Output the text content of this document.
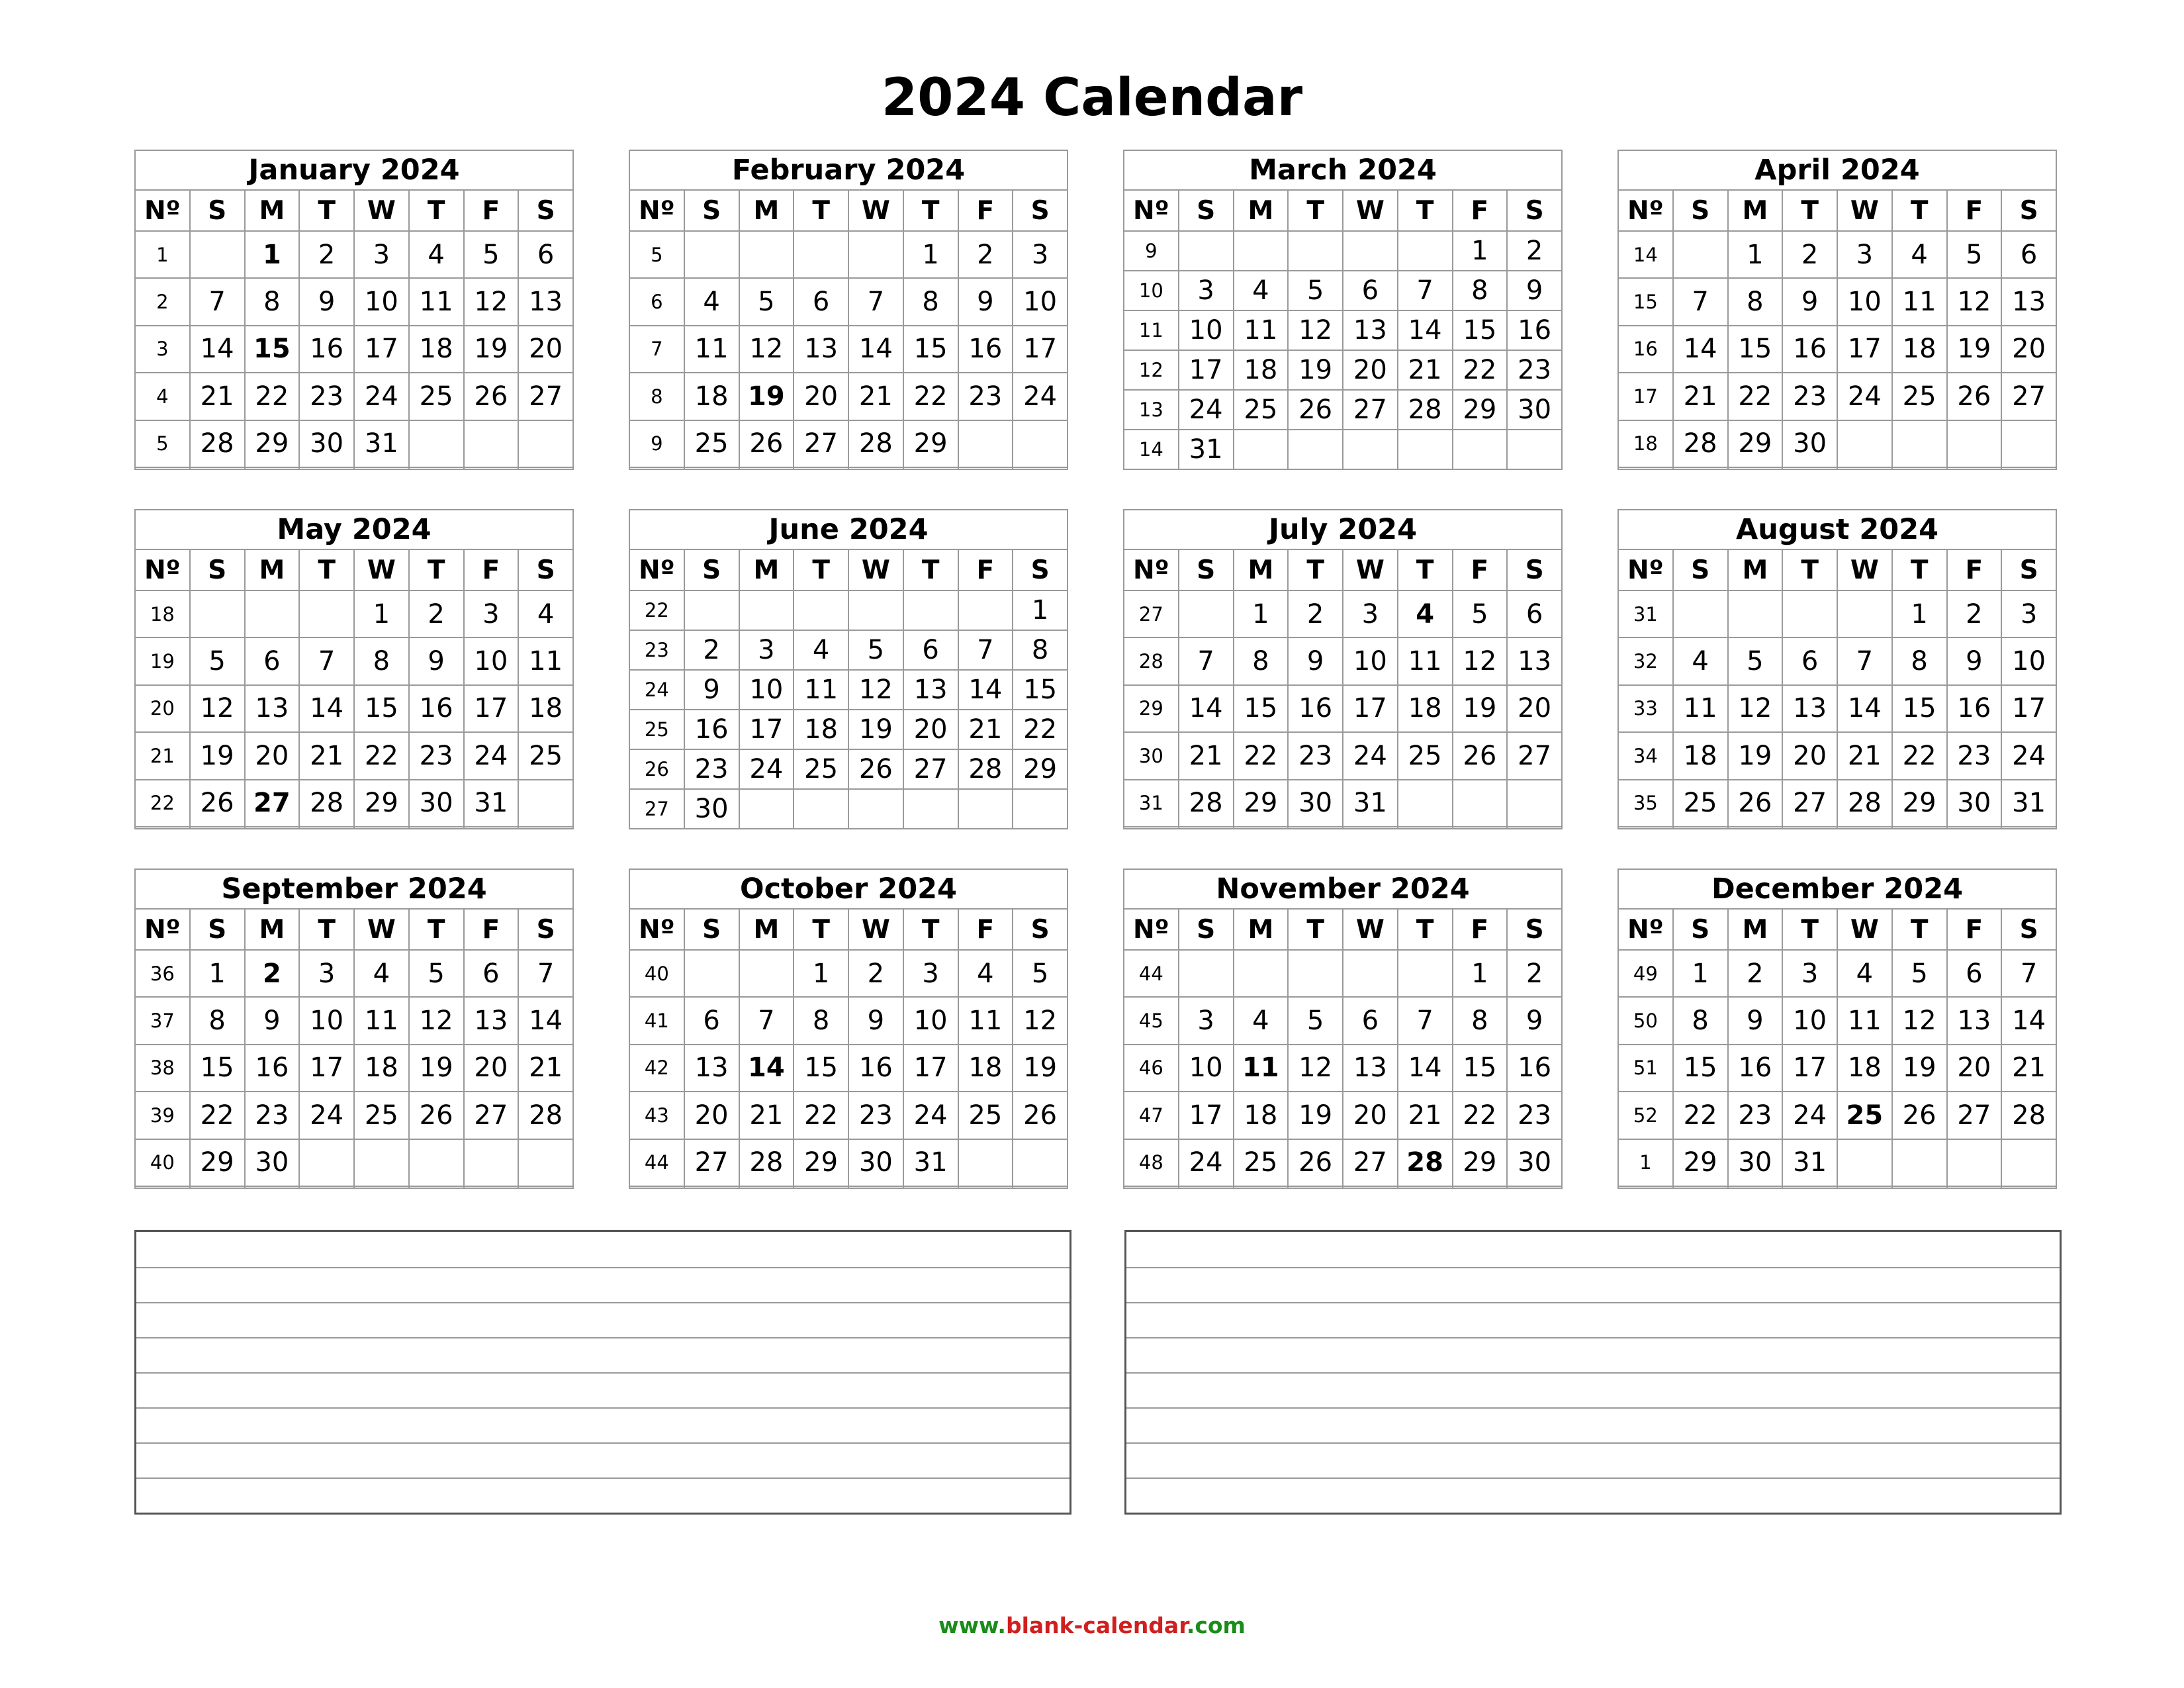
2024 Calendar
January 2024							
Nº	S	M	T	W	T	F	S
1		1	2	3	4	5	6
2	7	8	9	10	11	12	13
3	14	15	16	17	18	19	20
4	21	22	23	24	25	26	27
5	28	29	30	31			

February 2024							
Nº	S	M	T	W	T	F	S
5					1	2	3
6	4	5	6	7	8	9	10
7	11	12	13	14	15	16	17
8	18	19	20	21	22	23	24
9	25	26	27	28	29		

March 2024							
Nº	S	M	T	W	T	F	S
9						1	2
10	3	4	5	6	7	8	9
11	10	11	12	13	14	15	16
12	17	18	19	20	21	22	23
13	24	25	26	27	28	29	30
14	31						
April 2024							
Nº	S	M	T	W	T	F	S
14		1	2	3	4	5	6
15	7	8	9	10	11	12	13
16	14	15	16	17	18	19	20
17	21	22	23	24	25	26	27
18	28	29	30				

May 2024							
Nº	S	M	T	W	T	F	S
18				1	2	3	4
19	5	6	7	8	9	10	11
20	12	13	14	15	16	17	18
21	19	20	21	22	23	24	25
22	26	27	28	29	30	31	

June 2024							
Nº	S	M	T	W	T	F	S
22							1
23	2	3	4	5	6	7	8
24	9	10	11	12	13	14	15
25	16	17	18	19	20	21	22
26	23	24	25	26	27	28	29
27	30						
July 2024							
Nº	S	M	T	W	T	F	S
27		1	2	3	4	5	6
28	7	8	9	10	11	12	13
29	14	15	16	17	18	19	20
30	21	22	23	24	25	26	27
31	28	29	30	31			

August 2024							
Nº	S	M	T	W	T	F	S
31					1	2	3
32	4	5	6	7	8	9	10
33	11	12	13	14	15	16	17
34	18	19	20	21	22	23	24
35	25	26	27	28	29	30	31

September 2024							
Nº	S	M	T	W	T	F	S
36	1	2	3	4	5	6	7
37	8	9	10	11	12	13	14
38	15	16	17	18	19	20	21
39	22	23	24	25	26	27	28
40	29	30					

October 2024							
Nº	S	M	T	W	T	F	S
40			1	2	3	4	5
41	6	7	8	9	10	11	12
42	13	14	15	16	17	18	19
43	20	21	22	23	24	25	26
44	27	28	29	30	31		

November 2024							
Nº	S	M	T	W	T	F	S
44						1	2
45	3	4	5	6	7	8	9
46	10	11	12	13	14	15	16
47	17	18	19	20	21	22	23
48	24	25	26	27	28	29	30

December 2024							
Nº	S	M	T	W	T	F	S
49	1	2	3	4	5	6	7
50	8	9	10	11	12	13	14
51	15	16	17	18	19	20	21
52	22	23	24	25	26	27	28
1	29	30	31				

www.blank-calendar.com
